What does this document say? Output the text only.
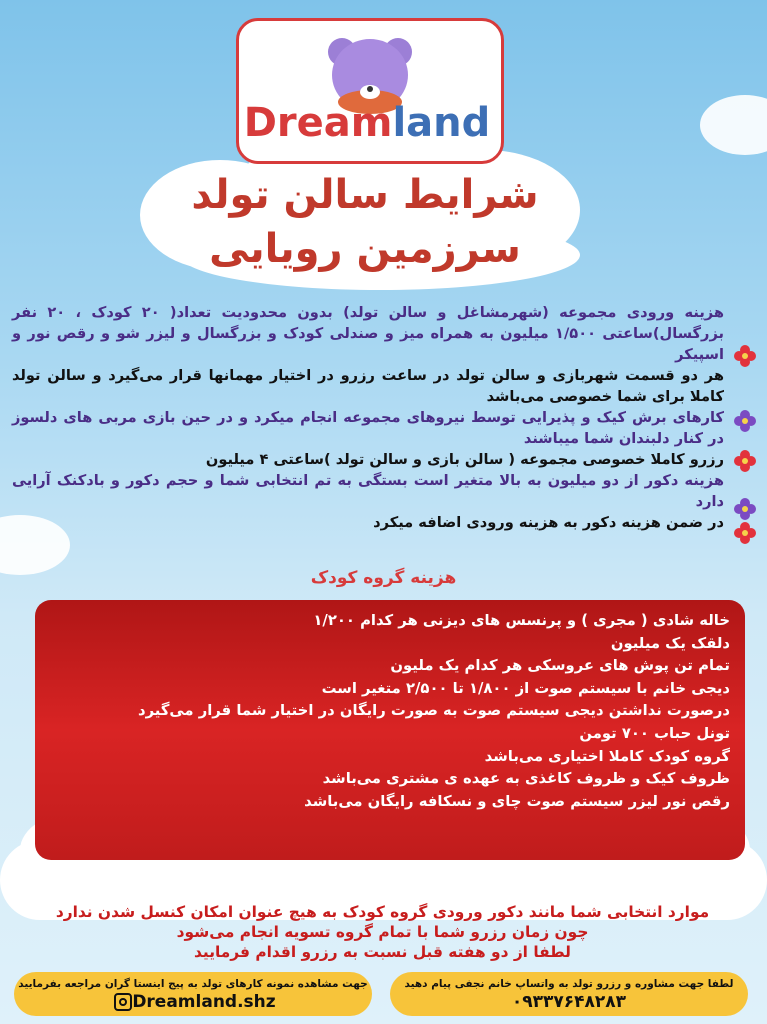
Dreamland
شرایط سالن تولد
سرزمین رویایی

هزینه ورودی مجموعه (شهرمشاغل و سالن تولد) بدون محدودیت تعداد( ۲۰ کودک ، ۲۰ نفر بزرگسال)ساعتی ۱/۵۰۰ میلیون به همراه میز و صندلی کودک و بزرگسال و لیزر شو و رقص نور و اسپیکر

هر دو قسمت شهربازی و سالن تولد در ساعت رزرو در اختیار مهمانها قرار می‌گیرد و سالن تولد کاملا برای شما خصوصی می‌باشد

کارهای برش کیک و پذیرایی توسط نیروهای مجموعه انجام میکرد و در حین بازی مربی های دلسوز در کنار دلبندان شما میباشند

رزرو کاملا خصوصی مجموعه ( سالن بازی و سالن تولد )ساعتی ۴ میلیون

هزینه دکور از دو میلیون به بالا متغیر است بستگی به تم انتخابی شما و حجم دکور و بادکنک آرایی دارد

در ضمن هزینه دکور به هزینه ورودی اضافه میکرد

هزینه گروه کودک

خاله شادی ( مجری ) و پرنسس های دیزنی هر کدام ۱/۲۰۰

دلقک یک میلیون

تمام تن پوش های عروسکی هر کدام یک ملیون

دیجی خانم با سیستم صوت از ۱/۸۰۰ تا ۲/۵۰۰ متغیر است

درصورت نداشتن دیجی سیستم صوت به صورت رایگان در اختیار شما قرار می‌گیرد

تونل حباب ۷۰۰ تومن

گروه کودک کاملا اختیاری می‌باشد

ظروف کیک و ظروف کاغذی به عهده ی مشتری می‌باشد

رقص نور لیزر سیستم صوت چای و نسکافه رایگان می‌باشد

موارد انتخابی شما مانند دکور ورودی گروه کودک به هیچ عنوان امکان کنسل شدن ندارد

چون زمان رزرو شما با تمام گروه تسویه انجام می‌شود

لطفا از دو هفته قبل نسبت به رزرو اقدام فرمایید

لطفا جهت مشاوره و رزرو تولد به واتساپ خانم نجفی پیام دهید
۰۹۳۳۷۶۴۸۲۸۳
جهت مشاهده نمونه کارهای تولد به پیج اینستا گران مراجعه بفرمایید
Dreamland.shz
